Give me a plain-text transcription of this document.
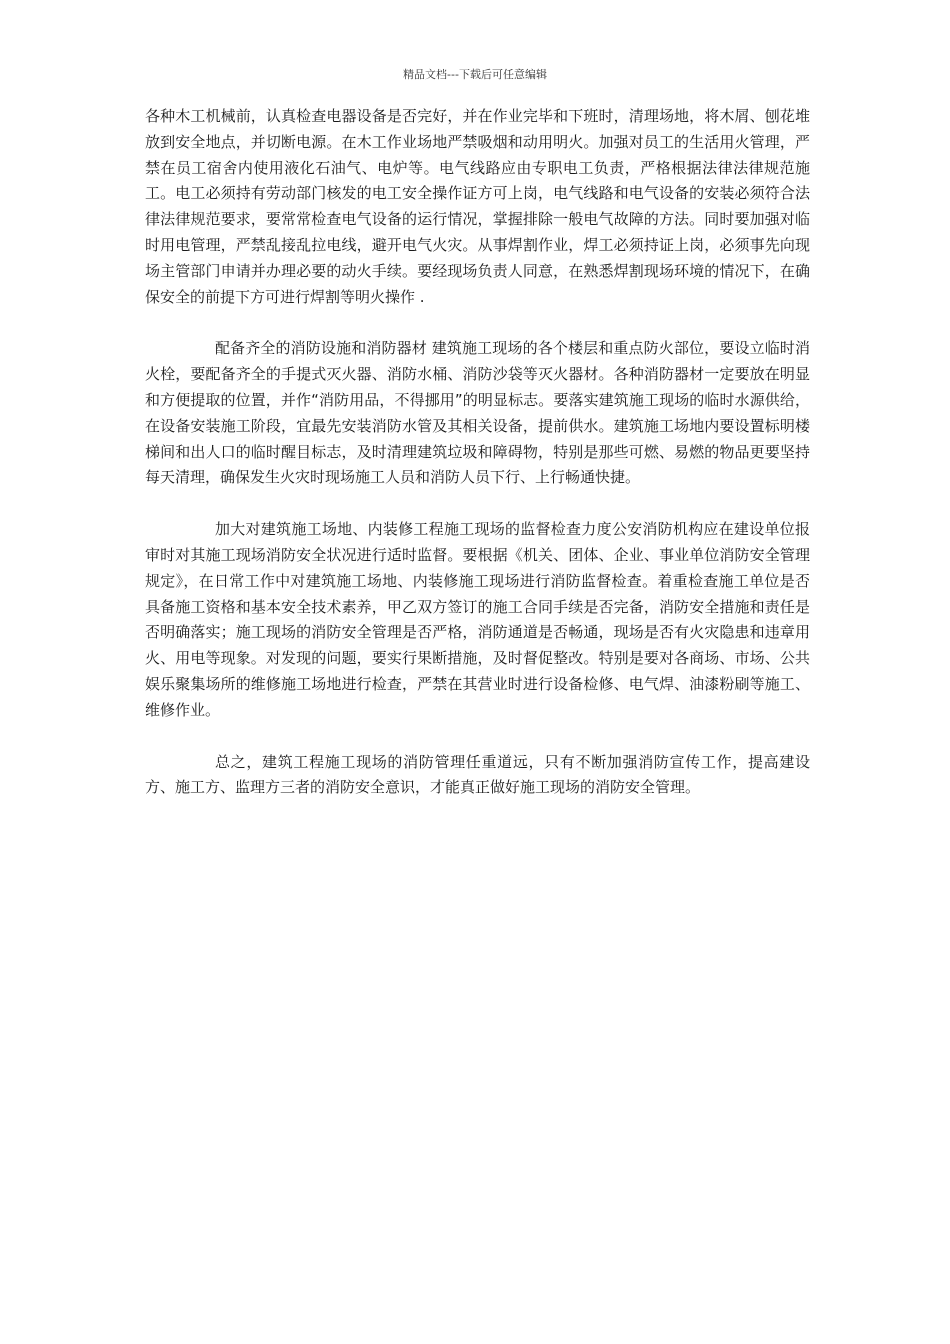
精品文档---下载后可任意编辑

各种木工机械前，认真检查电器设备是否完好，并在作业完毕和下班时，清理场地，将木屑、刨花堆放到安全地点，并切断电源。在木工作业场地严禁吸烟和动用明火。加强对员工的生活用火管理，严禁在员工宿舍内使用液化石油气、电炉等。电气线路应由专职电工负责，严格根据法律法律规范施工。电工必须持有劳动部门核发的电工安全操作证方可上岗，电气线路和电气设备的安装必须符合法律法律规范要求，要常常检查电气设备的运行情况，掌握排除一般电气故障的方法。同时要加强对临时用电管理，严禁乱接乱拉电线，避开电气火灾。从事焊割作业，焊工必须持证上岗，必须事先向现场主管部门申请并办理必要的动火手续。要经现场负责人同意，在熟悉焊割现场环境的情况下，在确保安全的前提下方可进行焊割等明火操作 .

配备齐全的消防设施和消防器材 建筑施工现场的各个楼层和重点防火部位，要设立临时消火栓，要配备齐全的手提式灭火器、消防水桶、消防沙袋等灭火器材。各种消防器材一定要放在明显和方便提取的位置，并作“消防用品，不得挪用”的明显标志。要落实建筑施工现场的临时水源供给，在设备安装施工阶段，宜最先安装消防水管及其相关设备，提前供水。建筑施工场地内要设置标明楼梯间和出人口的临时醒目标志，及时清理建筑垃圾和障碍物，特别是那些可燃、易燃的物品更要坚持每天清理，确保发生火灾时现场施工人员和消防人员下行、上行畅通快捷。

加大对建筑施工场地、内装修工程施工现场的监督检查力度公安消防机构应在建设单位报审时对其施工现场消防安全状况进行适时监督。要根据《机关、团体、企业、事业单位消防安全管理规定》，在日常工作中对建筑施工场地、内装修施工现场进行消防监督检查。着重检查施工单位是否具备施工资格和基本安全技术素养，甲乙双方签订的施工合同手续是否完备，消防安全措施和责任是否明确落实；施工现场的消防安全管理是否严格，消防通道是否畅通，现场是否有火灾隐患和违章用火、用电等现象。对发现的问题，要实行果断措施，及时督促整改。特别是要对各商场、市场、公共娱乐聚集场所的维修施工场地进行检查，严禁在其营业时进行设备检修、电气焊、油漆粉刷等施工、维修作业。

总之，建筑工程施工现场的消防管理任重道远，只有不断加强消防宣传工作，提高建设方、施工方、监理方三者的消防安全意识，才能真正做好施工现场的消防安全管理。
